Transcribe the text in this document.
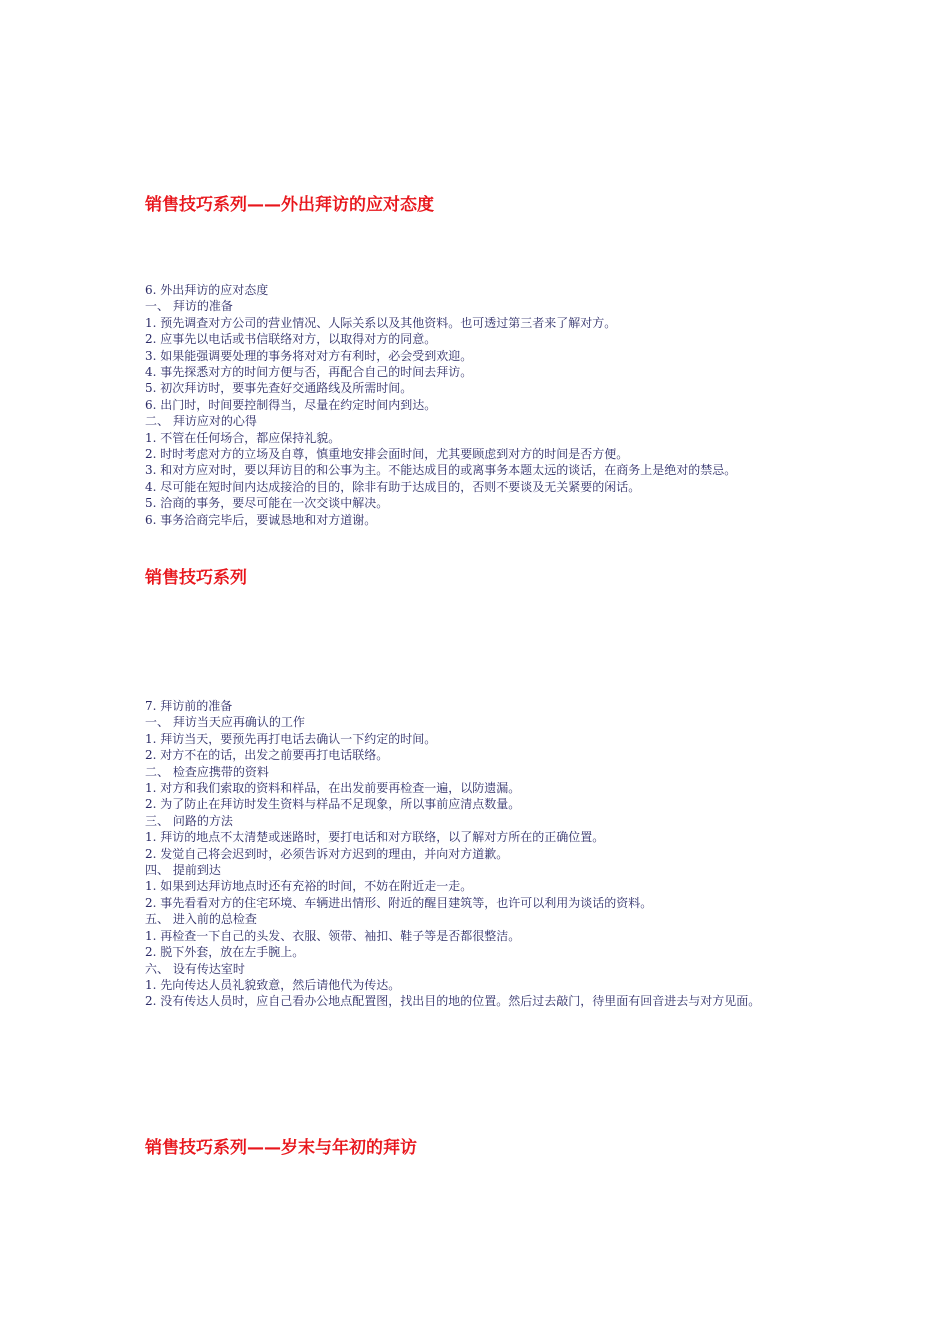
销售技巧系列——外出拜访的应对态度
6. 外出拜访的应对态度
一、 拜访的准备
1. 预先调查对方公司的营业情况、人际关系以及其他资料。也可透过第三者来了解对方。
2. 应事先以电话或书信联络对方，以取得对方的同意。
3. 如果能强调要处理的事务将对对方有利时，必会受到欢迎。
4. 事先探悉对方的时间方便与否，再配合自己的时间去拜访。
5. 初次拜访时，要事先查好交通路线及所需时间。
6. 出门时，时间要控制得当，尽量在约定时间内到达。
二、 拜访应对的心得
1. 不管在任何场合，都应保持礼貌。
2. 时时考虑对方的立场及自尊，慎重地安排会面时间，尤其要顾虑到对方的时间是否方便。
3. 和对方应对时，要以拜访目的和公事为主。不能达成目的或离事务本题太远的谈话，在商务上是绝对的禁忌。
4. 尽可能在短时间内达成接洽的目的，除非有助于达成目的，否则不要谈及无关紧要的闲话。
5. 洽商的事务，要尽可能在一次交谈中解决。
6. 事务洽商完毕后，要诚恳地和对方道谢。
销售技巧系列
7. 拜访前的准备
一、 拜访当天应再确认的工作
1. 拜访当天，要预先再打电话去确认一下约定的时间。
2. 对方不在的话，出发之前要再打电话联络。
二、 检查应携带的资料
1. 对方和我们索取的资料和样品，在出发前要再检查一遍，以防遗漏。
2. 为了防止在拜访时发生资料与样品不足现象，所以事前应清点数量。
三、 问路的方法
1. 拜访的地点不太清楚或迷路时，要打电话和对方联络，以了解对方所在的正确位置。
2. 发觉自己将会迟到时，必须告诉对方迟到的理由，并向对方道歉。
四、 提前到达
1. 如果到达拜访地点时还有充裕的时间，不妨在附近走一走。
2. 事先看看对方的住宅环境、车辆进出情形、附近的醒目建筑等，也许可以利用为谈话的资料。
五、 进入前的总检查
1. 再检查一下自己的头发、衣服、领带、袖扣、鞋子等是否都很整洁。
2. 脱下外套，放在左手腕上。
六、 设有传达室时
1. 先向传达人员礼貌致意，然后请他代为传达。
2. 没有传达人员时，应自己看办公地点配置图，找出目的地的位置。然后过去敲门，待里面有回音进去与对方见面。
销售技巧系列——岁末与年初的拜访
